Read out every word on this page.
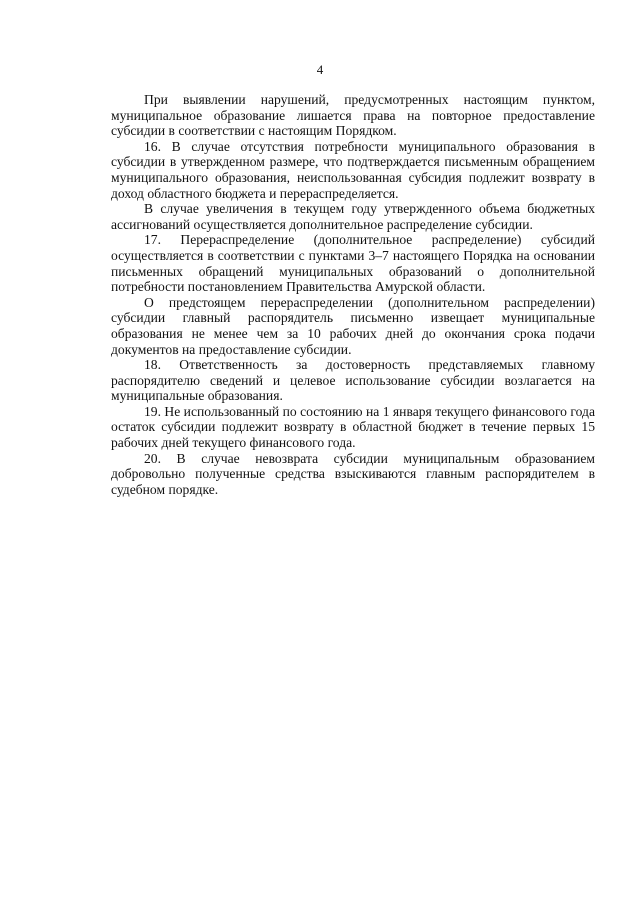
4

При выявлении нарушений, предусмотренных настоящим пунктом, муниципальное образование лишается права на повторное предоставление субсидии в соответствии с настоящим Порядком.

16. В случае отсутствия потребности муниципального образования в субсидии в утвержденном размере, что подтверждается письменным обращением муниципального образования, неиспользованная субсидия подлежит возврату в доход областного бюджета и перераспределяется.

В случае увеличения в текущем году утвержденного объема бюджетных ассигнований осуществляется дополнительное распределение субсидии.

17. Перераспределение (дополнительное распределение) субсидий осуществляется в соответствии с пунктами 3–7 настоящего Порядка на основании письменных обращений муниципальных образований о дополнительной потребности постановлением Правительства Амурской области.

О предстоящем перераспределении (дополнительном распределении) субсидии главный распорядитель письменно извещает муниципальные образования не менее чем за 10 рабочих дней до окончания срока подачи документов на предоставление субсидии.

18. Ответственность за достоверность представляемых главному распорядителю сведений и целевое использование субсидии возлагается на муниципальные образования.

19. Не использованный по состоянию на 1 января текущего финансового года остаток субсидии подлежит возврату в областной бюджет в течение первых 15 рабочих дней текущего финансового года.

20. В случае невозврата субсидии муниципальным образованием добровольно полученные средства взыскиваются главным распорядителем в судебном порядке.
